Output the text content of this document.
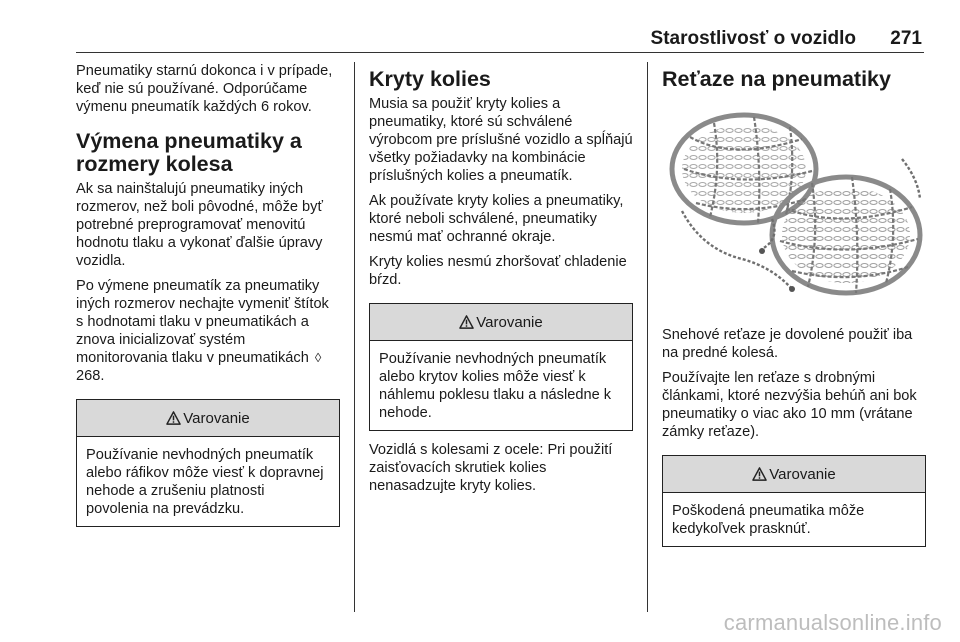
Starostlivosť o vozidlo 271

Pneumatiky starnú dokonca i v prípade, keď nie sú používané. Odporúčame výmenu pneumatík každých 6 rokov.

Výmena pneumatiky a rozmery kolesa

Ak sa nainštalujú pneumatiky iných rozmerov, než boli pôvodné, môže byť potrebné preprogramovať menovitú hodnotu tlaku a vykonať ďalšie úpravy vozidla.

Po výmene pneumatík za pneumatiky iných rozmerov nechajte vymeniť štítok s hodnotami tlaku v pneumatikách a znova inicializovať systém monitorovania tlaku v pneumatikách ◊ 268.

Varovanie
Používanie nevhodných pneumatík alebo ráfikov môže viesť k dopravnej nehode a zrušeniu platnosti povolenia na prevádzku.
Kryty kolies

Musia sa použiť kryty kolies a pneumatiky, ktoré sú schválené výrobcom pre príslušné vozidlo a spĺňajú všetky požiadavky na kombinácie príslušných kolies a pneumatík.

Ak používate kryty kolies a pneumatiky, ktoré neboli schválené, pneumatiky nesmú mať ochranné okraje.

Kryty kolies nesmú zhoršovať chladenie bŕzd.

Varovanie
Používanie nevhodných pneumatík alebo krytov kolies môže viesť k náhlemu poklesu tlaku a následne k nehode.

Vozidlá s kolesami z ocele: Pri použití zaisťovacích skrutiek kolies nenasadzujte kryty kolies.

Reťaze na pneumatiky

Snehové reťaze je dovolené použiť iba na predné kolesá.

Používajte len reťaze s drobnými článkami, ktoré nezvýšia behúň ani bok pneumatiky o viac ako 10 mm (vrátane zámky reťaze).

Varovanie
Poškodená pneumatika môže kedykoľvek prasknúť.
carmanualsonline.info
